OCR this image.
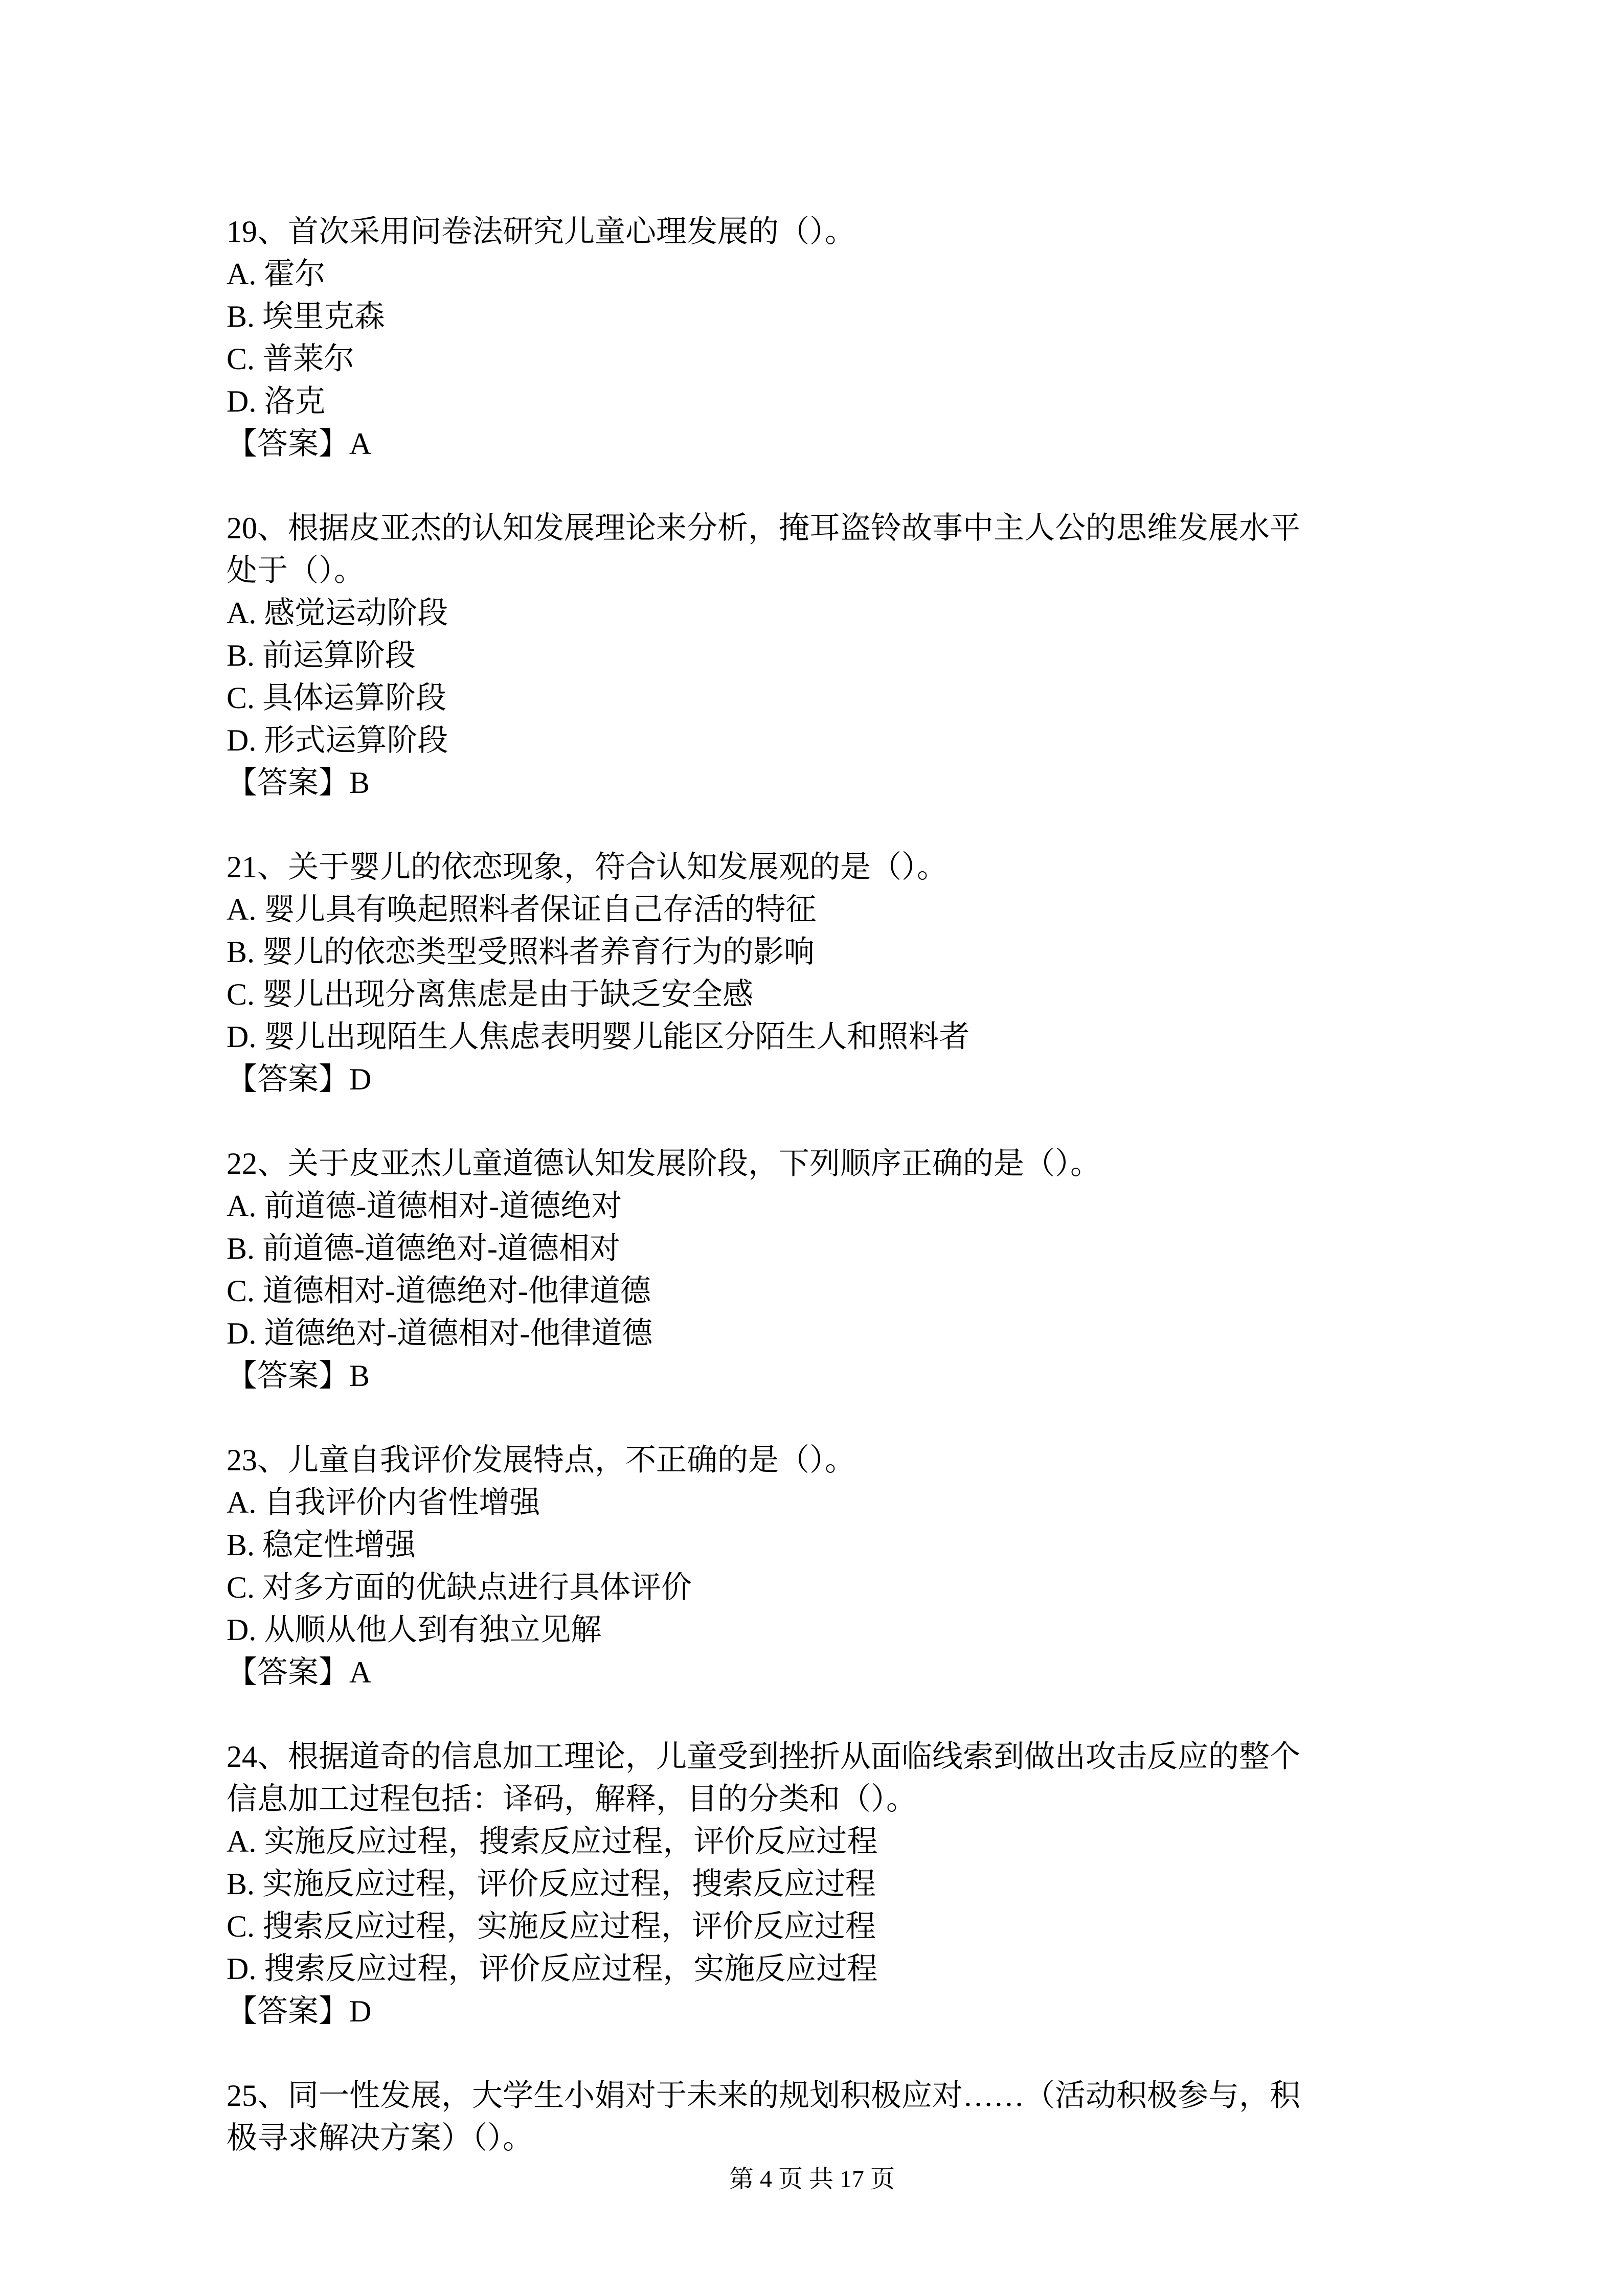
19、首次采用问卷法研究儿童心理发展的（）。

A. 霍尔

B. 埃里克森

C. 普莱尔

D. 洛克

【答案】A

20、根据皮亚杰的认知发展理论来分析，掩耳盗铃故事中主人公的思维发展水平

处于（）。

A. 感觉运动阶段

B. 前运算阶段

C. 具体运算阶段

D. 形式运算阶段

【答案】B

21、关于婴儿的依恋现象，符合认知发展观的是（）。

A. 婴儿具有唤起照料者保证自己存活的特征

B. 婴儿的依恋类型受照料者养育行为的影响

C. 婴儿出现分离焦虑是由于缺乏安全感

D. 婴儿出现陌生人焦虑表明婴儿能区分陌生人和照料者

【答案】D

22、关于皮亚杰儿童道德认知发展阶段，下列顺序正确的是（）。

A. 前道德-道德相对-道德绝对

B. 前道德-道德绝对-道德相对

C. 道德相对-道德绝对-他律道德

D. 道德绝对-道德相对-他律道德

【答案】B

23、儿童自我评价发展特点，不正确的是（）。

A. 自我评价内省性增强

B. 稳定性增强

C. 对多方面的优缺点进行具体评价

D. 从顺从他人到有独立见解

【答案】A

24、根据道奇的信息加工理论，儿童受到挫折从面临线索到做出攻击反应的整个

信息加工过程包括：译码，解释，目的分类和（）。

A. 实施反应过程，搜索反应过程，评价反应过程

B. 实施反应过程，评价反应过程，搜索反应过程

C. 搜索反应过程，实施反应过程，评价反应过程

D. 搜索反应过程，评价反应过程，实施反应过程

【答案】D

25、同一性发展，大学生小娟对于未来的规划积极应对……（活动积极参与，积

极寻求解决方案）（）。

第 4 页 共 17 页
